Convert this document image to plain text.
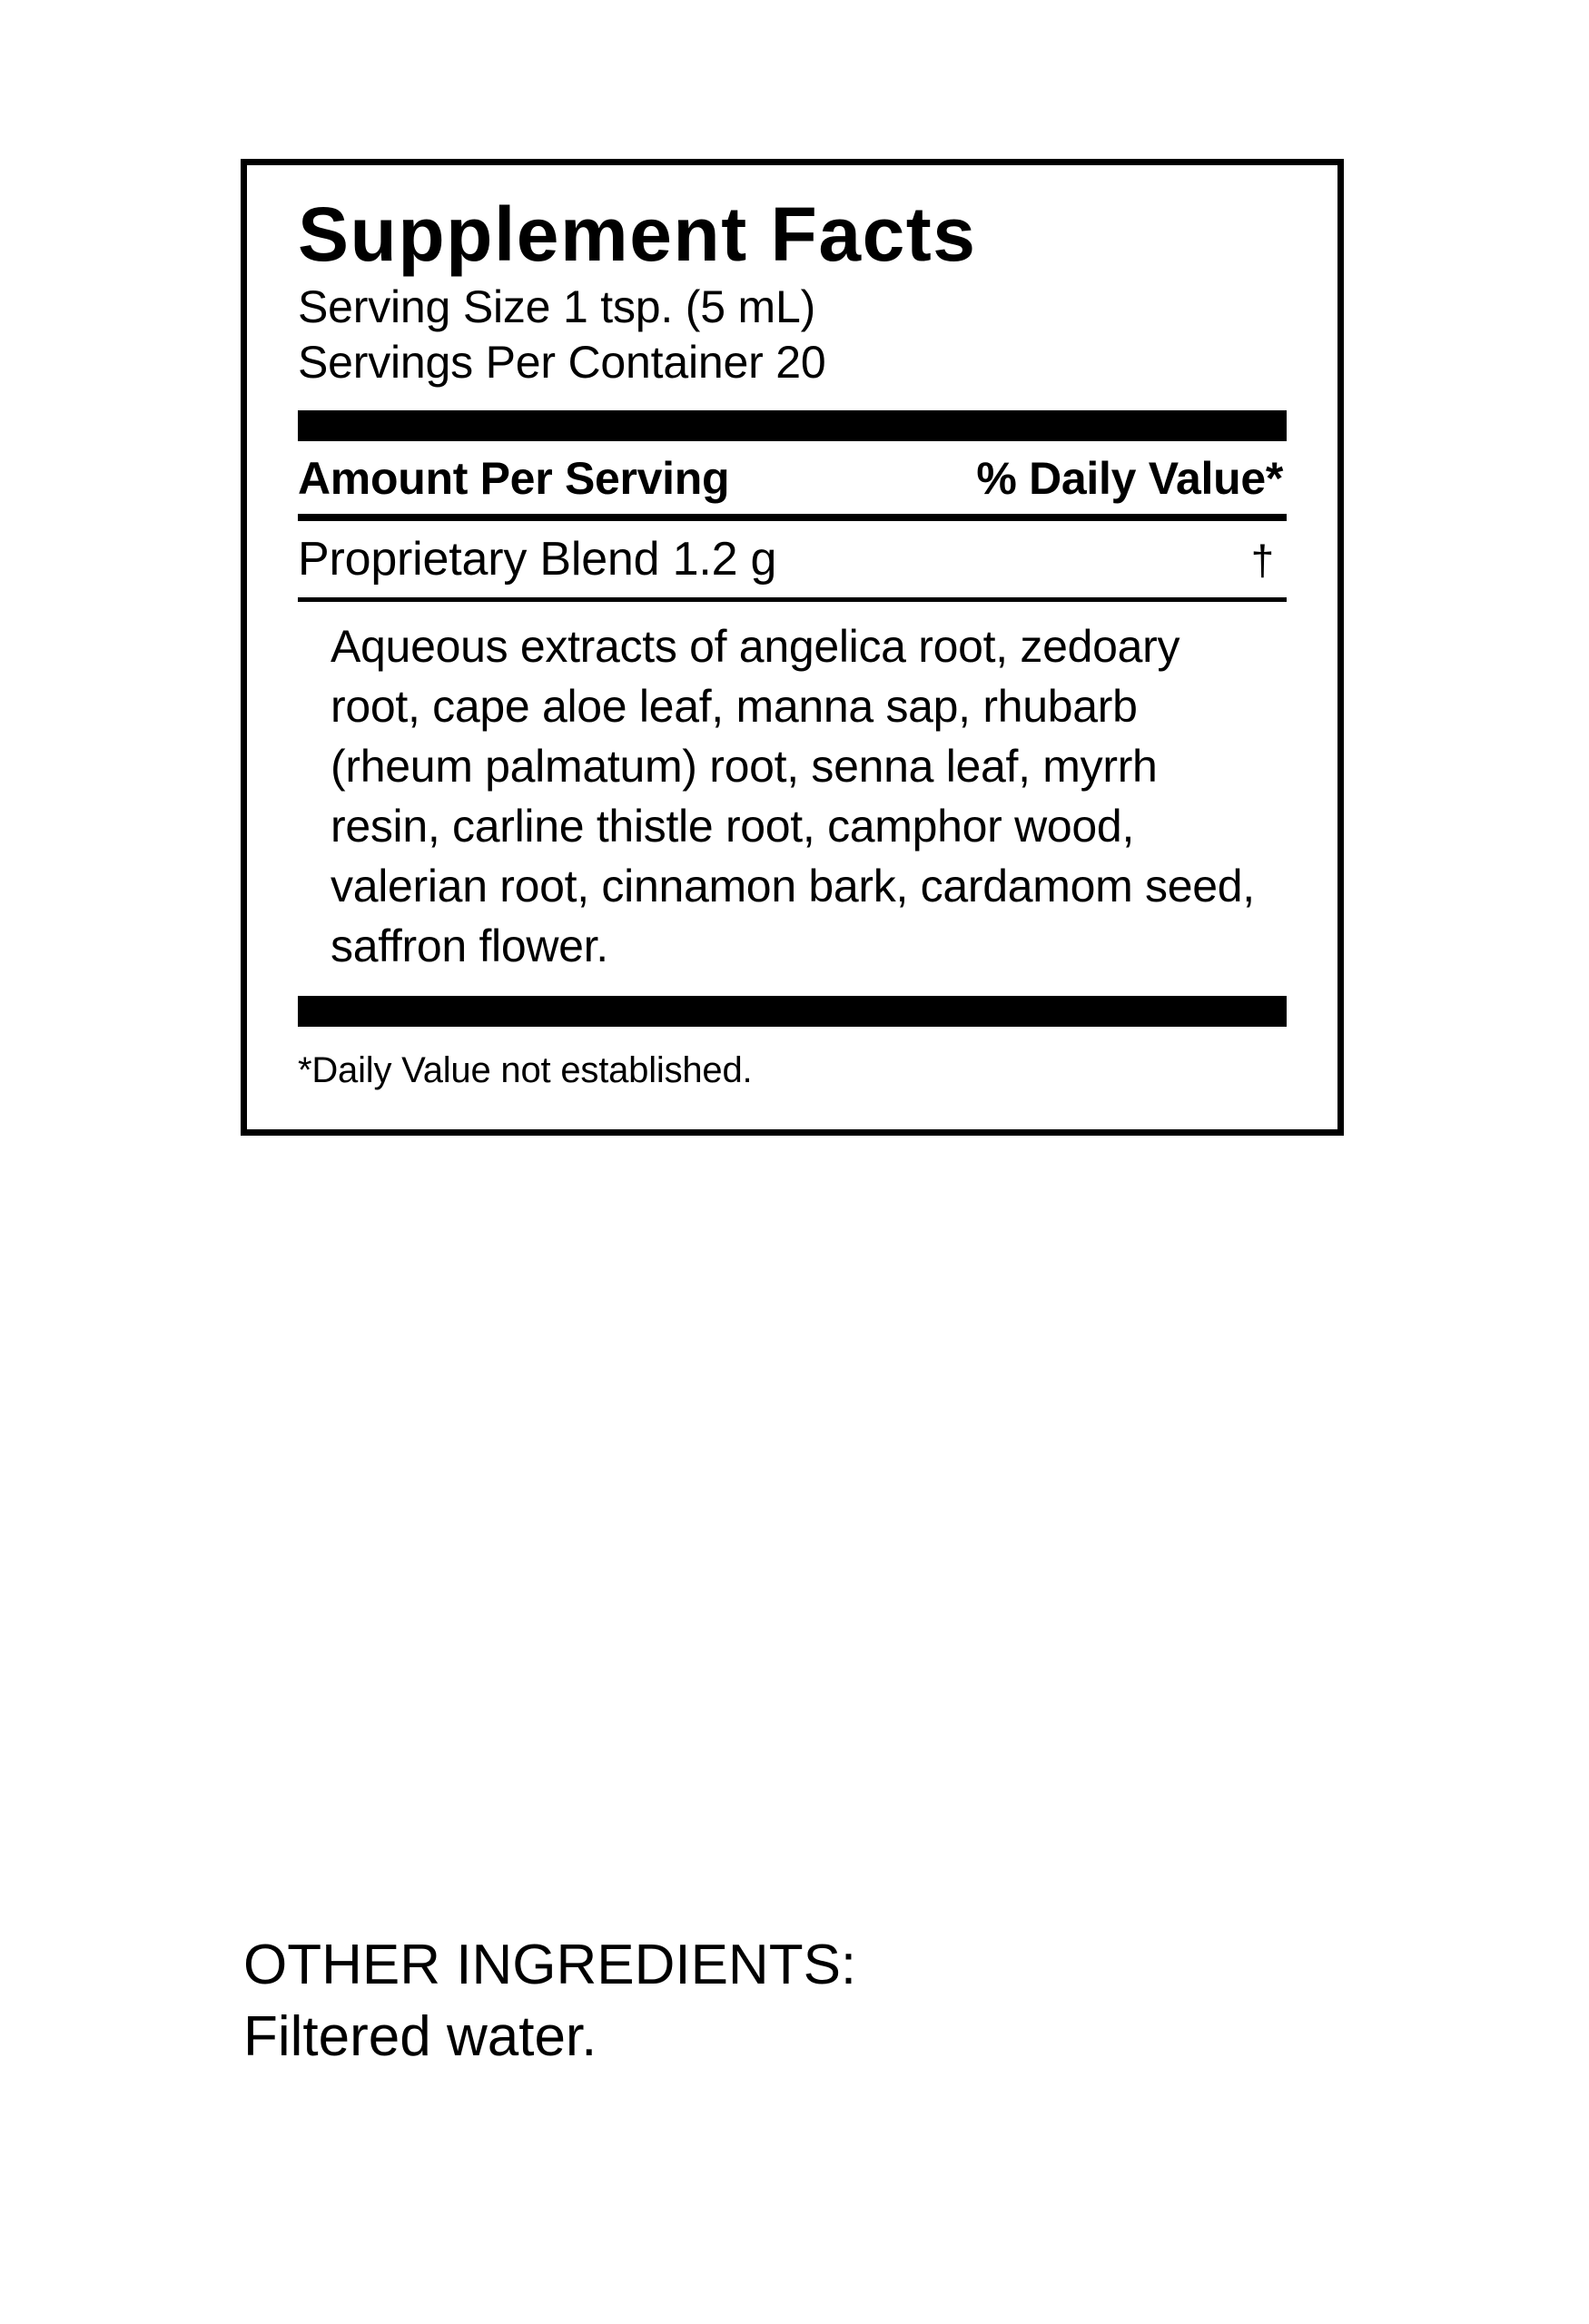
Supplement Facts
Serving Size 1 tsp. (5 mL)
Servings Per Container 20
Amount Per Serving	% Daily Value*
Proprietary Blend 1.2 g	†
Aqueous extracts of angelica root, zedoary root, cape aloe leaf, manna sap, rhubarb (rheum palmatum) root, senna leaf, myrrh resin, carline thistle root, camphor wood, valerian root, cinnamon bark, cardamom seed, saffron flower.
*Daily Value not established.
OTHER INGREDIENTS:
Filtered water.
